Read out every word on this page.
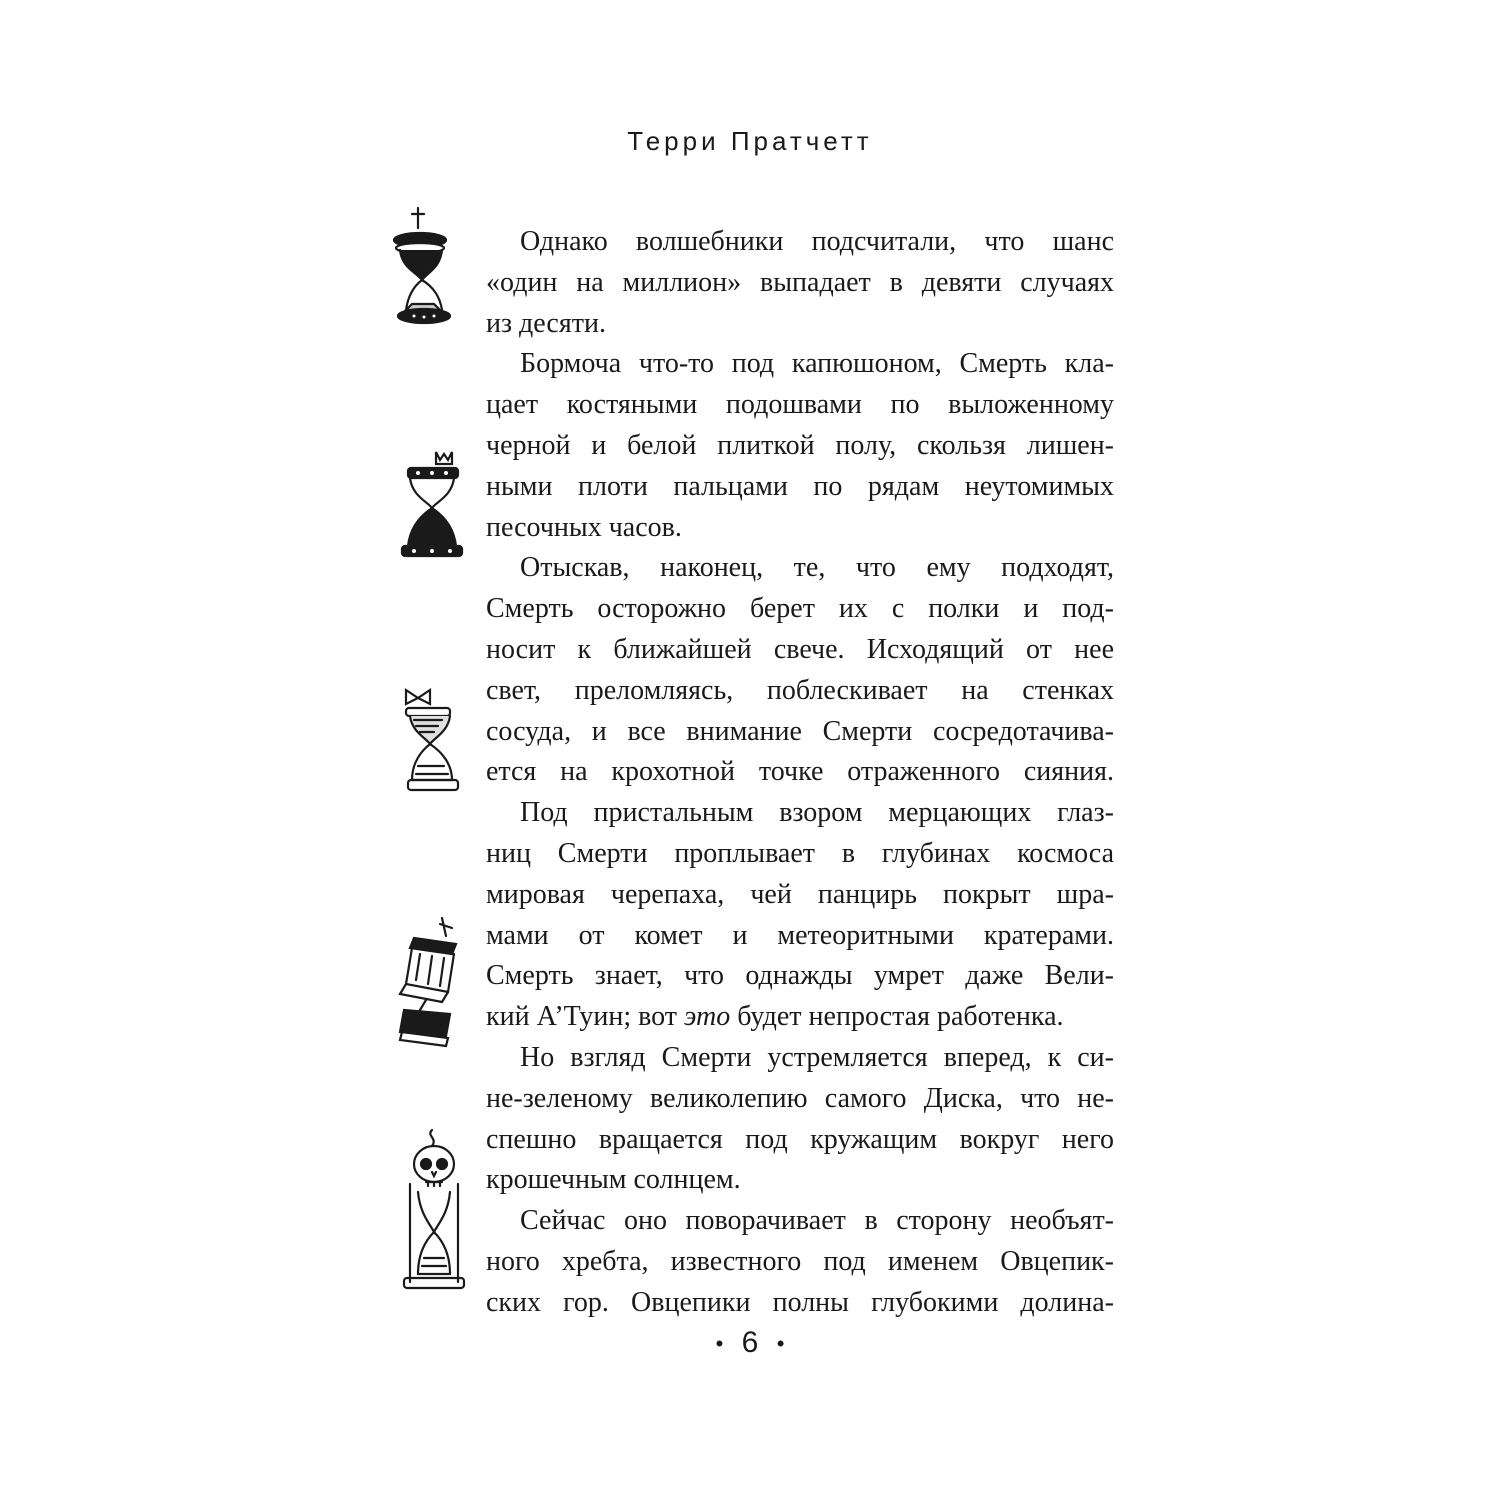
Терри Пратчетт
Однако волшебники подсчитали, что шанс
«один на миллион» выпадает в девяти случаях
из десяти.
Бормоча что-то под капюшоном, Смерть кла-
цает костяными подошвами по выложенному
черной и белой плиткой полу, скользя лишен-
ными плоти пальцами по рядам неутомимых
песочных часов.
Отыскав, наконец, те, что ему подходят,
Смерть осторожно берет их с полки и под-
носит к ближайшей свече. Исходящий от нее
свет, преломляясь, поблескивает на стенках
сосуда, и все внимание Смерти сосредотачива-
ется на крохотной точке отраженного сияния.
Под пристальным взором мерцающих глаз-
ниц Смерти проплывает в глубинах космоса
мировая черепаха, чей панцирь покрыт шра-
мами от комет и метеоритными кратерами.
Смерть знает, что однажды умрет даже Вели-
кий А’Туин; вот это будет непростая работенка.
Но взгляд Смерти устремляется вперед, к си-
не-зеленому великолепию самого Диска, что не-
спешно вращается под кружащим вокруг него
крошечным солнцем.
Сейчас оно поворачивает в сторону необъят-
ного хребта, известного под именем Овцепик-
ских гор. Овцепики полны глубокими долина-
• 6 •
